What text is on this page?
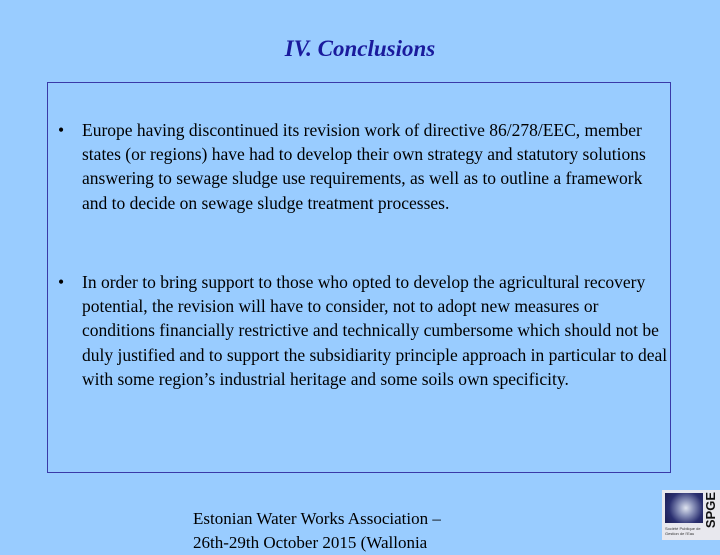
IV. Conclusions
• Europe having discontinued its revision work of directive 86/278/EEC, member states (or regions) have had to develop their own strategy and statutory solutions answering to sewage sludge use requirements, as well as to outline a framework and to decide on sewage sludge treatment processes.
• In order to bring support to those who opted to develop the agricultural recovery potential, the revision will have to consider, not to adopt new measures or conditions financially restrictive and technically cumbersome which should not be duly justified and to support the subsidiarity principle approach in particular to deal with some region’s industrial heritage and some soils own specificity.
Estonian Water Works Association –
26th-29th October 2015 (Wallonia
Société Publique de Gestion de l'Eau
SPGE
